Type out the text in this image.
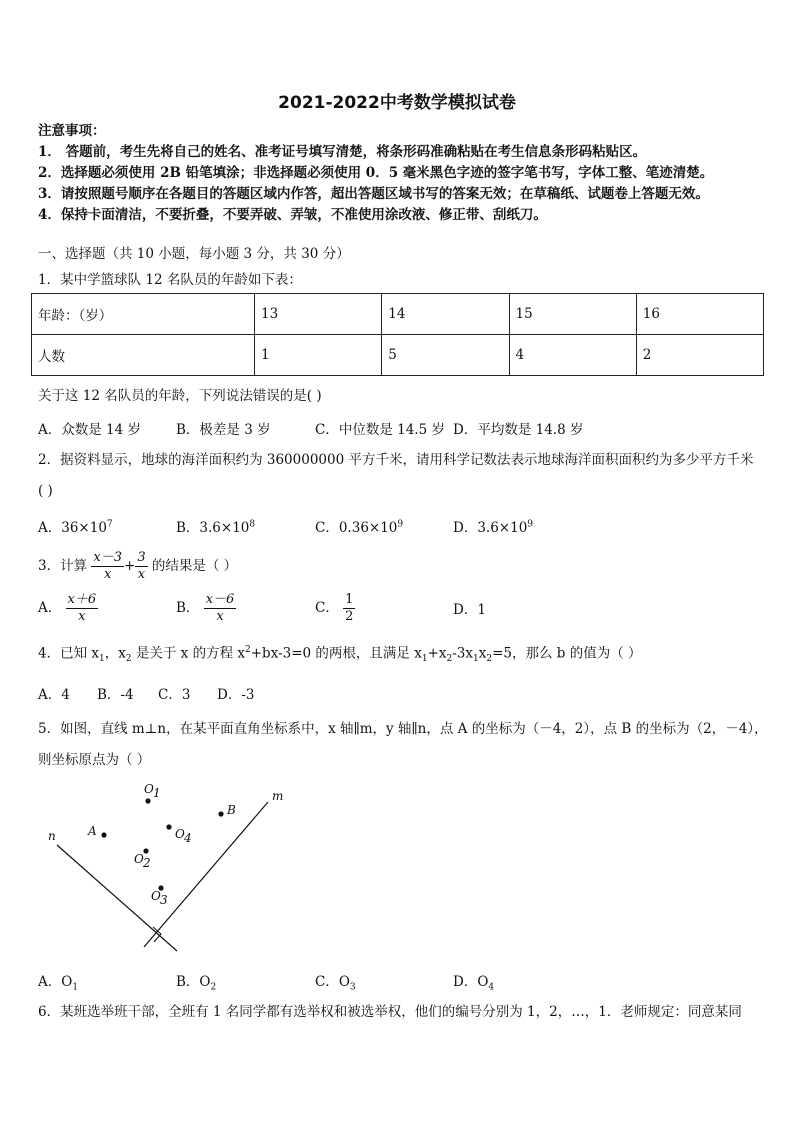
2021-2022中考数学模拟试卷
注意事项：
1． 答题前，考生先将自己的姓名、准考证号填写清楚，将条形码准确粘贴在考生信息条形码粘贴区。
2．选择题必须使用 2B 铅笔填涂；非选择题必须使用 0．5 毫米黑色字迹的签字笔书写，字体工整、笔迹清楚。
3．请按照题号顺序在各题目的答题区域内作答，超出答题区域书写的答案无效；在草稿纸、试题卷上答题无效。
4．保持卡面清洁，不要折叠，不要弄破、弄皱，不准使用涂改液、修正带、刮纸刀。
一、选择题（共 10 小题，每小题 3 分，共 30 分）
1．某中学篮球队 12 名队员的年龄如下表：
年龄：（岁）	13	14	15	16
人数	1	5	4	2
关于这 12 名队员的年龄，下列说法错误的是( )
A．众数是 14 岁	B．极差是 3 岁	C．中位数是 14.5 岁 D．平均数是 14.8 岁
2．据资料显示，地球的海洋面积约为 360000000 平方千米，请用科学记数法表示地球海洋面积面积约为多少平方千米
( )
A．$36\times 10^7$	B．$3.6\times 10^8$	C．$0.36\times 10^9$	D．$3.6\times 10^9$
3．计算 $\frac{x-3}{x} + \frac{3}{x}$ 的结果是（ ）
A． $\frac{x+6}{x}$	B． $\frac{x-6}{x}$	C． $\frac{1}{2}$	D．1
4．已知 $x_1$，$x_2$ 是关于 x 的方程 $x^2+bx-3=0$ 的两根，且满足 $x_1+x_2-3x_1x_2=5$，那么 b 的值为（ ）
A．4 B．-4 C．3 D．-3
5．如图，直线 m⊥n，在某平面直角坐标系中，x 轴∥m，y 轴∥n，点 A 的坐标为（－4，2），点 B 的坐标为（2，－4），
则坐标原点为（ ）
m
n	A
B
O 1
O 2
O 3
O 4
A．$O_1$	B．$O_2$	C．$O_3$	D．$O_4$
6．某班选举班干部，全班有 1 名同学都有选举权和被选举权，他们的编号分别为 1，2，…，1．老师规定：同意某同
